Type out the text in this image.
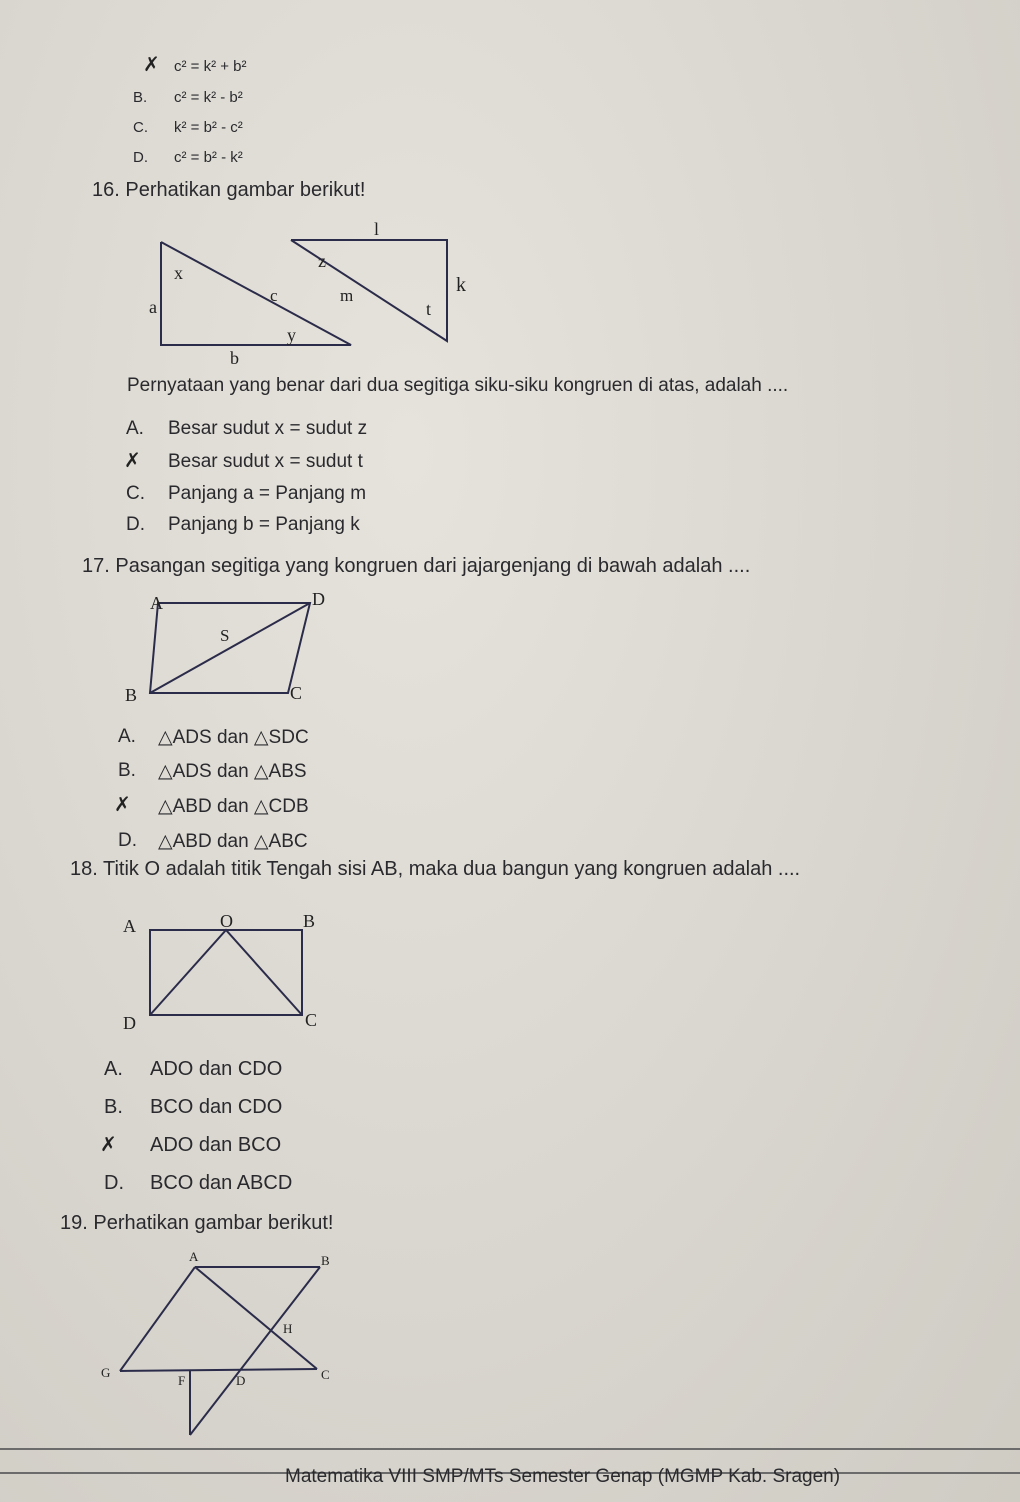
✗ c² = k² + b²
B. c² = k² - b²
C. k² = b² - c²
D. c² = b² - k²
16. Perhatikan gambar berikut!
x
a
c
y
b
l
z
m	k
t
Pernyataan yang benar dari dua segitiga siku-siku kongruen di atas, adalah ....
A. Besar sudut x = sudut z
✗ Besar sudut x = sudut t
C. Panjang a = Panjang m
D. Panjang b = Panjang k
17. Pasangan segitiga yang kongruen dari jajargenjang di bawah adalah ....
A	D
S
B	C
A. △ADS dan △SDC
B. △ADS dan △ABS
✗ △ABD dan △CDB
D. △ABD dan △ABC
18. Titik O adalah titik Tengah sisi AB, maka dua bangun yang kongruen adalah ....
A	O	B
D	C
A. ADO dan CDO
B. BCO dan CDO
✗ ADO dan BCO
D. BCO dan ABCD
19. Perhatikan gambar berikut!
A	B
H
G
F	D	C
Matematika VIII SMP/MTs Semester Genap (MGMP Kab. Sragen)
